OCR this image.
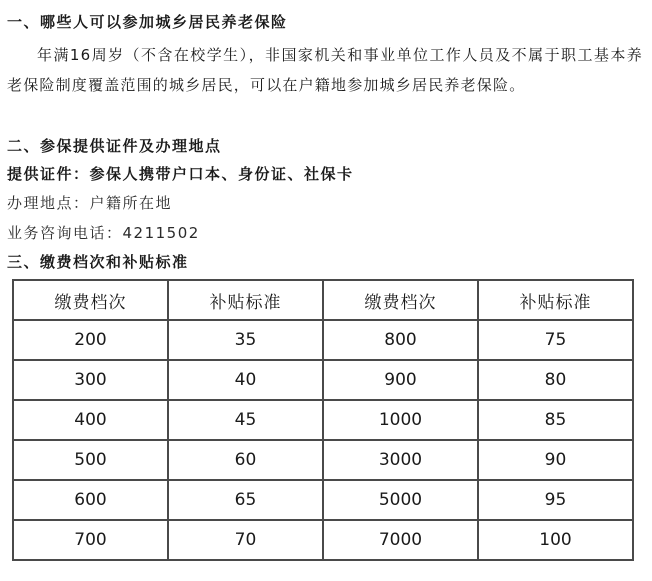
一、哪些人可以参加城乡居民养老保险
年满16周岁（不含在校学生），非国家机关和事业单位工作人员及不属于职工基本养老保险制度覆盖范围的城乡居民，可以在户籍地参加城乡居民养老保险。
二、参保提供证件及办理地点
提供证件：参保人携带户口本、身份证、社保卡
办理地点：户籍所在地
业务咨询电话：4211502
三、缴费档次和补贴标准
缴费档次	补贴标准	缴费档次	补贴标准
200	35	800	75
300	40	900	80
400	45	1000	85
500	60	3000	90
600	65	5000	95
700	70	7000	100
